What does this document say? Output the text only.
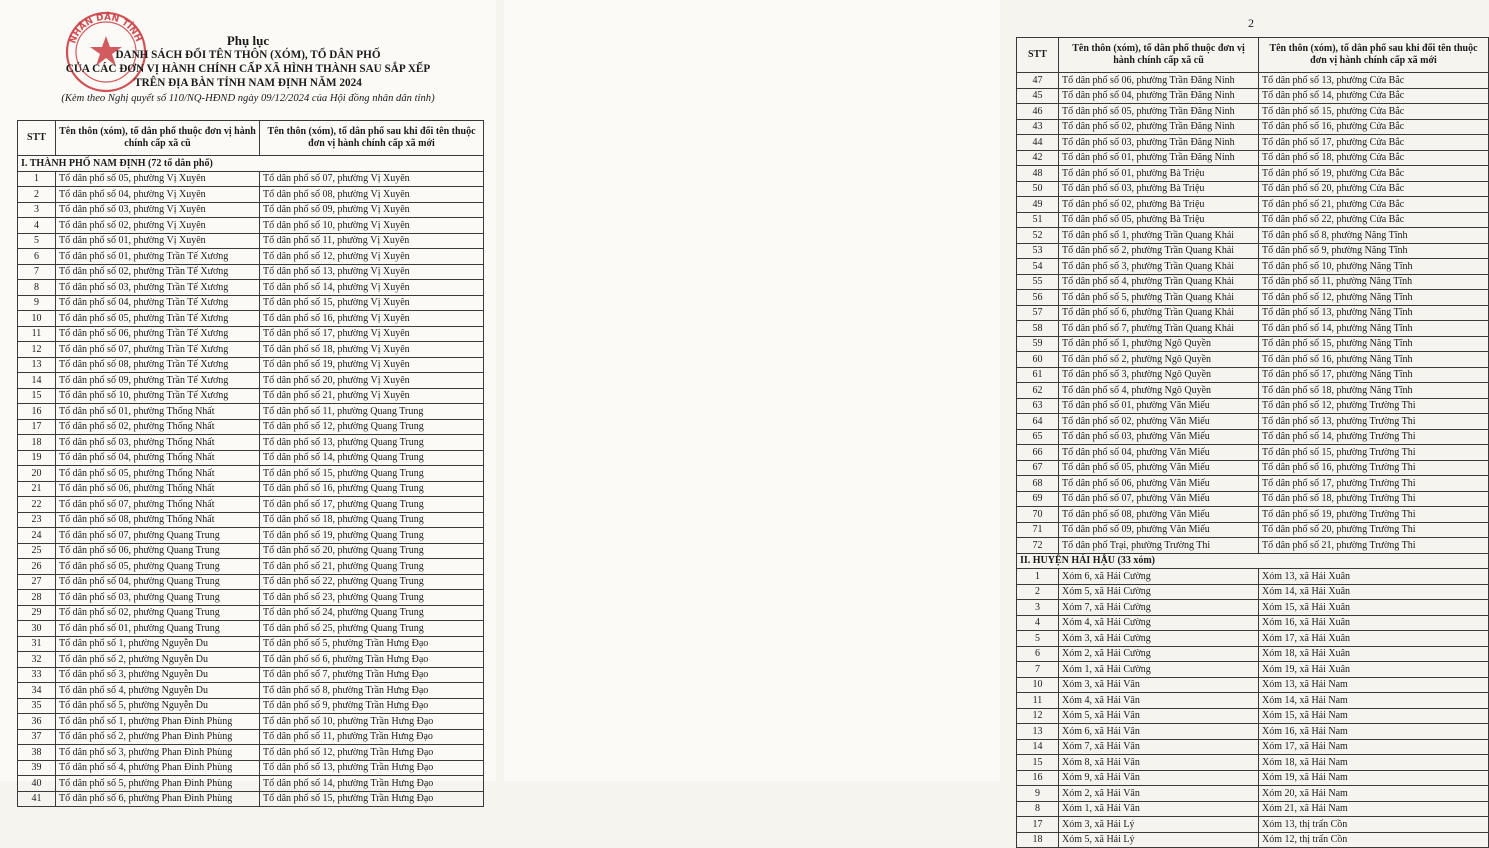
NHÂN DÂN TỈNH	Phụ lục
DANH SÁCH ĐỔI TÊN THÔN (XÓM), TỔ DÂN PHỐ
CỦA CÁC ĐƠN VỊ HÀNH CHÍNH CẤP XÃ HÌNH THÀNH SAU SẮP XẾP
TRÊN ĐỊA BÀN TỈNH NAM ĐỊNH NĂM 2024
(Kèm theo Nghị quyết số 110/NQ-HĐND ngày 09/12/2024 của Hội đồng nhân dân tỉnh)
STT	Tên thôn (xóm), tổ dân phố thuộc đơn vị hành chính cấp xã cũ	Tên thôn (xóm), tổ dân phố sau khi đổi tên thuộc đơn vị hành chính cấp xã mới
I. THÀNH PHỐ NAM ĐỊNH (72 tổ dân phố)		
1	Tổ dân phố số 05, phường Vị Xuyên	Tổ dân phố số 07, phường Vị Xuyên
2	Tổ dân phố số 04, phường Vị Xuyên	Tổ dân phố số 08, phường Vị Xuyên
3	Tổ dân phố số 03, phường Vị Xuyên	Tổ dân phố số 09, phường Vị Xuyên
4	Tổ dân phố số 02, phường Vị Xuyên	Tổ dân phố số 10, phường Vị Xuyên
5	Tổ dân phố số 01, phường Vị Xuyên	Tổ dân phố số 11, phường Vị Xuyên
6	Tổ dân phố số 01, phường Trần Tế Xương	Tổ dân phố số 12, phường Vị Xuyên
7	Tổ dân phố số 02, phường Trần Tế Xương	Tổ dân phố số 13, phường Vị Xuyên
8	Tổ dân phố số 03, phường Trần Tế Xương	Tổ dân phố số 14, phường Vị Xuyên
9	Tổ dân phố số 04, phường Trần Tế Xương	Tổ dân phố số 15, phường Vị Xuyên
10	Tổ dân phố số 05, phường Trần Tế Xương	Tổ dân phố số 16, phường Vị Xuyên
11	Tổ dân phố số 06, phường Trần Tế Xương	Tổ dân phố số 17, phường Vị Xuyên
12	Tổ dân phố số 07, phường Trần Tế Xương	Tổ dân phố số 18, phường Vị Xuyên
13	Tổ dân phố số 08, phường Trần Tế Xương	Tổ dân phố số 19, phường Vị Xuyên
14	Tổ dân phố số 09, phường Trần Tế Xương	Tổ dân phố số 20, phường Vị Xuyên
15	Tổ dân phố số 10, phường Trần Tế Xương	Tổ dân phố số 21, phường Vị Xuyên
16	Tổ dân phố số 01, phường Thống Nhất	Tổ dân phố số 11, phường Quang Trung
17	Tổ dân phố số 02, phường Thống Nhất	Tổ dân phố số 12, phường Quang Trung
18	Tổ dân phố số 03, phường Thống Nhất	Tổ dân phố số 13, phường Quang Trung
19	Tổ dân phố số 04, phường Thống Nhất	Tổ dân phố số 14, phường Quang Trung
20	Tổ dân phố số 05, phường Thống Nhất	Tổ dân phố số 15, phường Quang Trung
21	Tổ dân phố số 06, phường Thống Nhất	Tổ dân phố số 16, phường Quang Trung
22	Tổ dân phố số 07, phường Thống Nhất	Tổ dân phố số 17, phường Quang Trung
23	Tổ dân phố số 08, phường Thống Nhất	Tổ dân phố số 18, phường Quang Trung
24	Tổ dân phố số 07, phường Quang Trung	Tổ dân phố số 19, phường Quang Trung
25	Tổ dân phố số 06, phường Quang Trung	Tổ dân phố số 20, phường Quang Trung
26	Tổ dân phố số 05, phường Quang Trung	Tổ dân phố số 21, phường Quang Trung
27	Tổ dân phố số 04, phường Quang Trung	Tổ dân phố số 22, phường Quang Trung
28	Tổ dân phố số 03, phường Quang Trung	Tổ dân phố số 23, phường Quang Trung
29	Tổ dân phố số 02, phường Quang Trung	Tổ dân phố số 24, phường Quang Trung
30	Tổ dân phố số 01, phường Quang Trung	Tổ dân phố số 25, phường Quang Trung
31	Tổ dân phố số 1, phường Nguyễn Du	Tổ dân phố số 5, phường Trần Hưng Đạo
32	Tổ dân phố số 2, phường Nguyễn Du	Tổ dân phố số 6, phường Trần Hưng Đạo
33	Tổ dân phố số 3, phường Nguyễn Du	Tổ dân phố số 7, phường Trần Hưng Đạo
34	Tổ dân phố số 4, phường Nguyễn Du	Tổ dân phố số 8, phường Trần Hưng Đạo
35	Tổ dân phố số 5, phường Nguyễn Du	Tổ dân phố số 9, phường Trần Hưng Đạo
36	Tổ dân phố số 1, phường Phan Đình Phùng	Tổ dân phố số 10, phường Trần Hưng Đạo
37	Tổ dân phố số 2, phường Phan Đình Phùng	Tổ dân phố số 11, phường Trần Hưng Đạo
38	Tổ dân phố số 3, phường Phan Đình Phùng	Tổ dân phố số 12, phường Trần Hưng Đạo
39	Tổ dân phố số 4, phường Phan Đình Phùng	Tổ dân phố số 13, phường Trần Hưng Đạo
40	Tổ dân phố số 5, phường Phan Đình Phùng	Tổ dân phố số 14, phường Trần Hưng Đạo
41	Tổ dân phố số 6, phường Phan Đình Phùng	Tổ dân phố số 15, phường Trần Hưng Đạo
2
STT	Tên thôn (xóm), tổ dân phố thuộc đơn vị hành chính cấp xã cũ	Tên thôn (xóm), tổ dân phố sau khi đổi tên thuộc đơn vị hành chính cấp xã mới
47	Tổ dân phố số 06, phường Trần Đăng Ninh	Tổ dân phố số 13, phường Cửa Bắc
45	Tổ dân phố số 04, phường Trần Đăng Ninh	Tổ dân phố số 14, phường Cửa Bắc
46	Tổ dân phố số 05, phường Trần Đăng Ninh	Tổ dân phố số 15, phường Cửa Bắc
43	Tổ dân phố số 02, phường Trần Đăng Ninh	Tổ dân phố số 16, phường Cửa Bắc
44	Tổ dân phố số 03, phường Trần Đăng Ninh	Tổ dân phố số 17, phường Cửa Bắc
42	Tổ dân phố số 01, phường Trần Đăng Ninh	Tổ dân phố số 18, phường Cửa Bắc
48	Tổ dân phố số 01, phường Bà Triệu	Tổ dân phố số 19, phường Cửa Bắc
50	Tổ dân phố số 03, phường Bà Triệu	Tổ dân phố số 20, phường Cửa Bắc
49	Tổ dân phố số 02, phường Bà Triệu	Tổ dân phố số 21, phường Cửa Bắc
51	Tổ dân phố số 05, phường Bà Triệu	Tổ dân phố số 22, phường Cửa Bắc
52	Tổ dân phố số 1, phường Trần Quang Khải	Tổ dân phố số 8, phường Năng Tĩnh
53	Tổ dân phố số 2, phường Trần Quang Khải	Tổ dân phố số 9, phường Năng Tĩnh
54	Tổ dân phố số 3, phường Trần Quang Khải	Tổ dân phố số 10, phường Năng Tĩnh
55	Tổ dân phố số 4, phường Trần Quang Khải	Tổ dân phố số 11, phường Năng Tĩnh
56	Tổ dân phố số 5, phường Trần Quang Khải	Tổ dân phố số 12, phường Năng Tĩnh
57	Tổ dân phố số 6, phường Trần Quang Khải	Tổ dân phố số 13, phường Năng Tĩnh
58	Tổ dân phố số 7, phường Trần Quang Khải	Tổ dân phố số 14, phường Năng Tĩnh
59	Tổ dân phố số 1, phường Ngô Quyền	Tổ dân phố số 15, phường Năng Tĩnh
60	Tổ dân phố số 2, phường Ngô Quyền	Tổ dân phố số 16, phường Năng Tĩnh
61	Tổ dân phố số 3, phường Ngô Quyền	Tổ dân phố số 17, phường Năng Tĩnh
62	Tổ dân phố số 4, phường Ngô Quyền	Tổ dân phố số 18, phường Năng Tĩnh
63	Tổ dân phố số 01, phường Văn Miếu	Tổ dân phố số 12, phường Trường Thi
64	Tổ dân phố số 02, phường Văn Miếu	Tổ dân phố số 13, phường Trường Thi
65	Tổ dân phố số 03, phường Văn Miếu	Tổ dân phố số 14, phường Trường Thi
66	Tổ dân phố số 04, phường Văn Miếu	Tổ dân phố số 15, phường Trường Thi
67	Tổ dân phố số 05, phường Văn Miếu	Tổ dân phố số 16, phường Trường Thi
68	Tổ dân phố số 06, phường Văn Miếu	Tổ dân phố số 17, phường Trường Thi
69	Tổ dân phố số 07, phường Văn Miếu	Tổ dân phố số 18, phường Trường Thi
70	Tổ dân phố số 08, phường Văn Miếu	Tổ dân phố số 19, phường Trường Thi
71	Tổ dân phố số 09, phường Văn Miếu	Tổ dân phố số 20, phường Trường Thi
72	Tổ dân phố Trại, phường Trường Thi	Tổ dân phố số 21, phường Trường Thi
II. HUYỆN HẢI HẬU (33 xóm)		
1	Xóm 6, xã Hải Cường	Xóm 13, xã Hải Xuân
2	Xóm 5, xã Hải Cường	Xóm 14, xã Hải Xuân
3	Xóm 7, xã Hải Cường	Xóm 15, xã Hải Xuân
4	Xóm 4, xã Hải Cường	Xóm 16, xã Hải Xuân
5	Xóm 3, xã Hải Cường	Xóm 17, xã Hải Xuân
6	Xóm 2, xã Hải Cường	Xóm 18, xã Hải Xuân
7	Xóm 1, xã Hải Cường	Xóm 19, xã Hải Xuân
10	Xóm 3, xã Hải Vân	Xóm 13, xã Hải Nam
11	Xóm 4, xã Hải Vân	Xóm 14, xã Hải Nam
12	Xóm 5, xã Hải Vân	Xóm 15, xã Hải Nam
13	Xóm 6, xã Hải Vân	Xóm 16, xã Hải Nam
14	Xóm 7, xã Hải Vân	Xóm 17, xã Hải Nam
15	Xóm 8, xã Hải Vân	Xóm 18, xã Hải Nam
16	Xóm 9, xã Hải Vân	Xóm 19, xã Hải Nam
9	Xóm 2, xã Hải Vân	Xóm 20, xã Hải Nam
8	Xóm 1, xã Hải Vân	Xóm 21, xã Hải Nam
17	Xóm 3, xã Hải Lý	Xóm 13, thị trấn Cồn
18	Xóm 5, xã Hải Lý	Xóm 12, thị trấn Cồn
